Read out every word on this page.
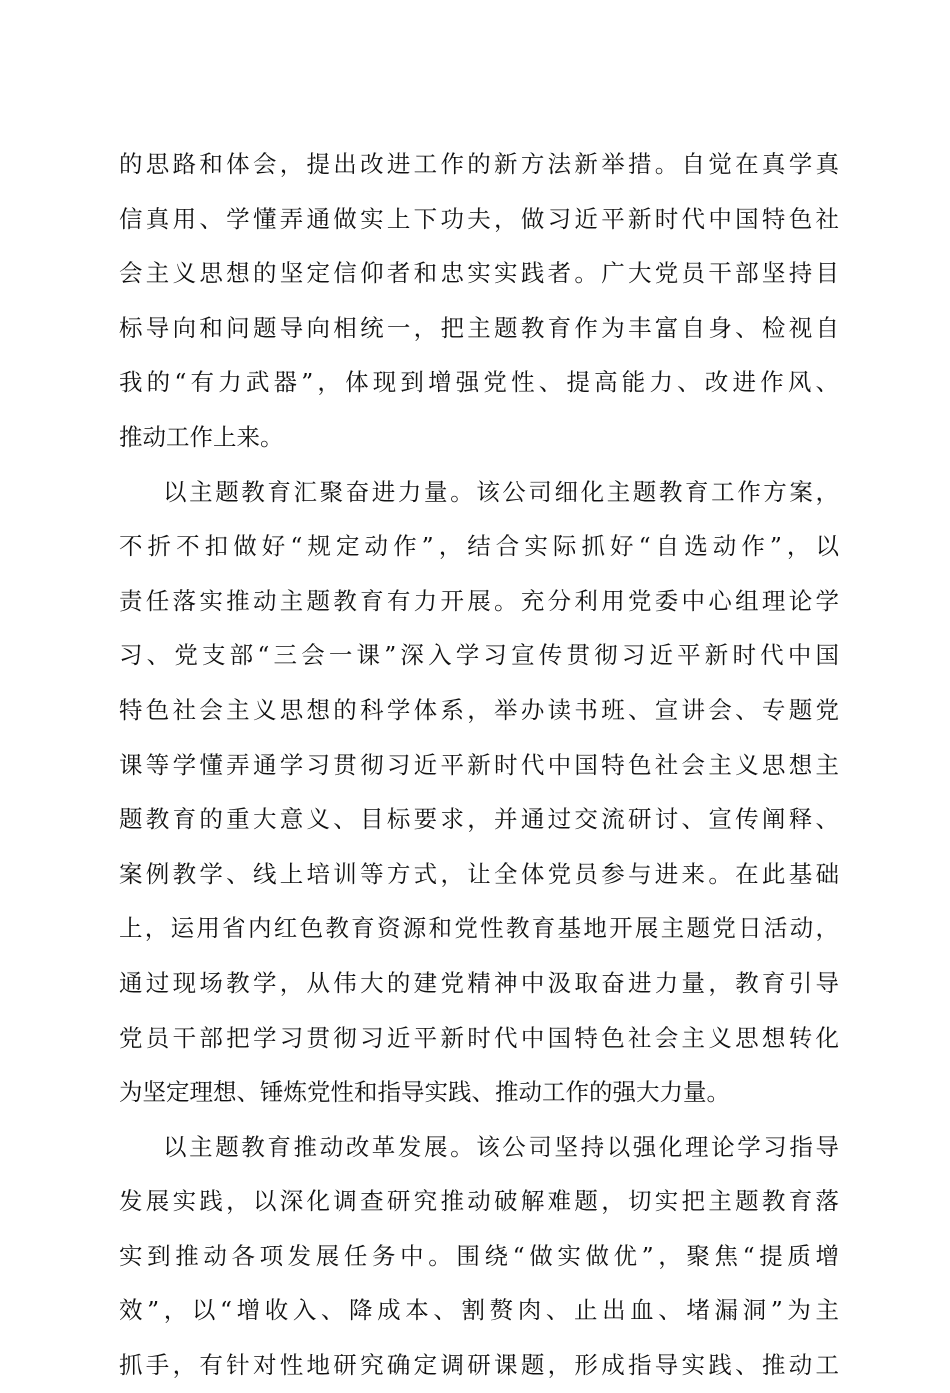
的思路和体会，提出改进工作的新方法新举措。自觉在真学真
信真用、学懂弄通做实上下功夫，做习近平新时代中国特色社
会主义思想的坚定信仰者和忠实实践者。广大党员干部坚持目
标导向和问题导向相统一，把主题教育作为丰富自身、检视自
我的“有力武器”，体现到增强党性、提高能力、改进作风、
推动工作上来。
以主题教育汇聚奋进力量。该公司细化主题教育工作方案，
不折不扣做好“规定动作”，结合实际抓好“自选动作”，以
责任落实推动主题教育有力开展。充分利用党委中心组理论学
习、党支部“三会一课”深入学习宣传贯彻习近平新时代中国
特色社会主义思想的科学体系，举办读书班、宣讲会、专题党
课等学懂弄通学习贯彻习近平新时代中国特色社会主义思想主
题教育的重大意义、目标要求，并通过交流研讨、宣传阐释、
案例教学、线上培训等方式，让全体党员参与进来。在此基础
上，运用省内红色教育资源和党性教育基地开展主题党日活动，
通过现场教学，从伟大的建党精神中汲取奋进力量，教育引导
党员干部把学习贯彻习近平新时代中国特色社会主义思想转化
为坚定理想、锤炼党性和指导实践、推动工作的强大力量。
以主题教育推动改革发展。该公司坚持以强化理论学习指导
发展实践，以深化调查研究推动破解难题，切实把主题教育落
实到推动各项发展任务中。围绕“做实做优”，聚焦“提质增
效”，以“增收入、降成本、割赘肉、止出血、堵漏洞”为主
抓手，有针对性地研究确定调研课题，形成指导实践、推动工
